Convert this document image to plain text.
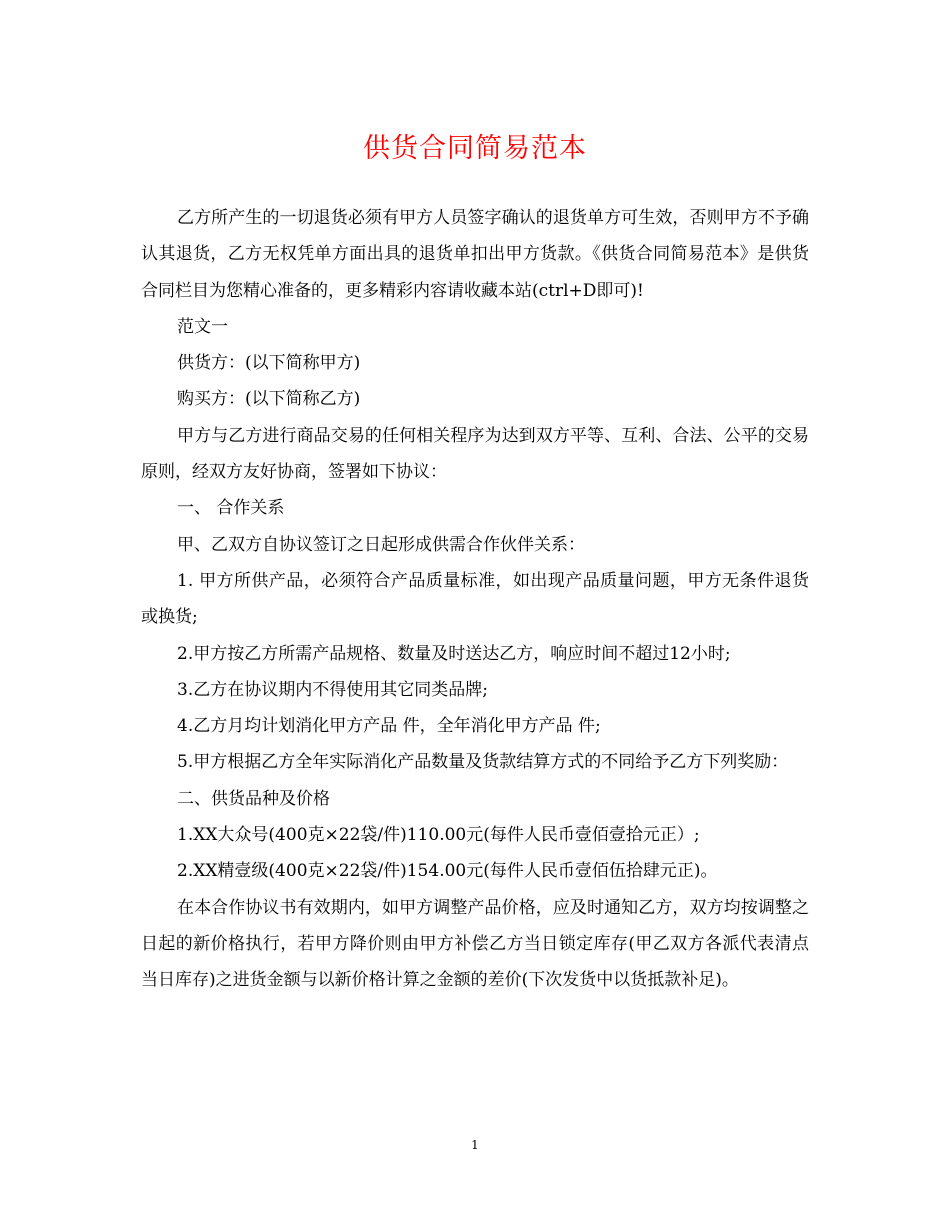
供货合同简易范本

乙方所产生的一切退货必须有甲方人员签字确认的退货单方可生效，否则甲方不予确认其退货，乙方无权凭单方面出具的退货单扣出甲方货款。《供货合同简易范本》是供货合同栏目为您精心准备的，更多精彩内容请收藏本站(ctrl+D即可)!

范文一

供货方：(以下简称甲方)

购买方：(以下简称乙方)

甲方与乙方进行商品交易的任何相关程序为达到双方平等、互利、合法、公平的交易原则，经双方友好协商，签署如下协议：

一、 合作关系

甲、乙双方自协议签订之日起形成供需合作伙伴关系：

1. 甲方所供产品，必须符合产品质量标准，如出现产品质量问题，甲方无条件退货或换货;

2.甲方按乙方所需产品规格、数量及时送达乙方，响应时间不超过12小时;

3.乙方在协议期内不得使用其它同类品牌;

4.乙方月均计划消化甲方产品 件，全年消化甲方产品 件;

5.甲方根据乙方全年实际消化产品数量及货款结算方式的不同给予乙方下列奖励：

二、供货品种及价格

1.XX大众号(400克×22袋/件)110.00元(每件人民币壹佰壹拾元正）;

2.XX精壹级(400克×22袋/件)154.00元(每件人民币壹佰伍拾肆元正)。

在本合作协议书有效期内，如甲方调整产品价格，应及时通知乙方，双方均按调整之日起的新价格执行，若甲方降价则由甲方补偿乙方当日锁定库存(甲乙双方各派代表清点当日库存)之进货金额与以新价格计算之金额的差价(下次发货中以货抵款补足)。

1
